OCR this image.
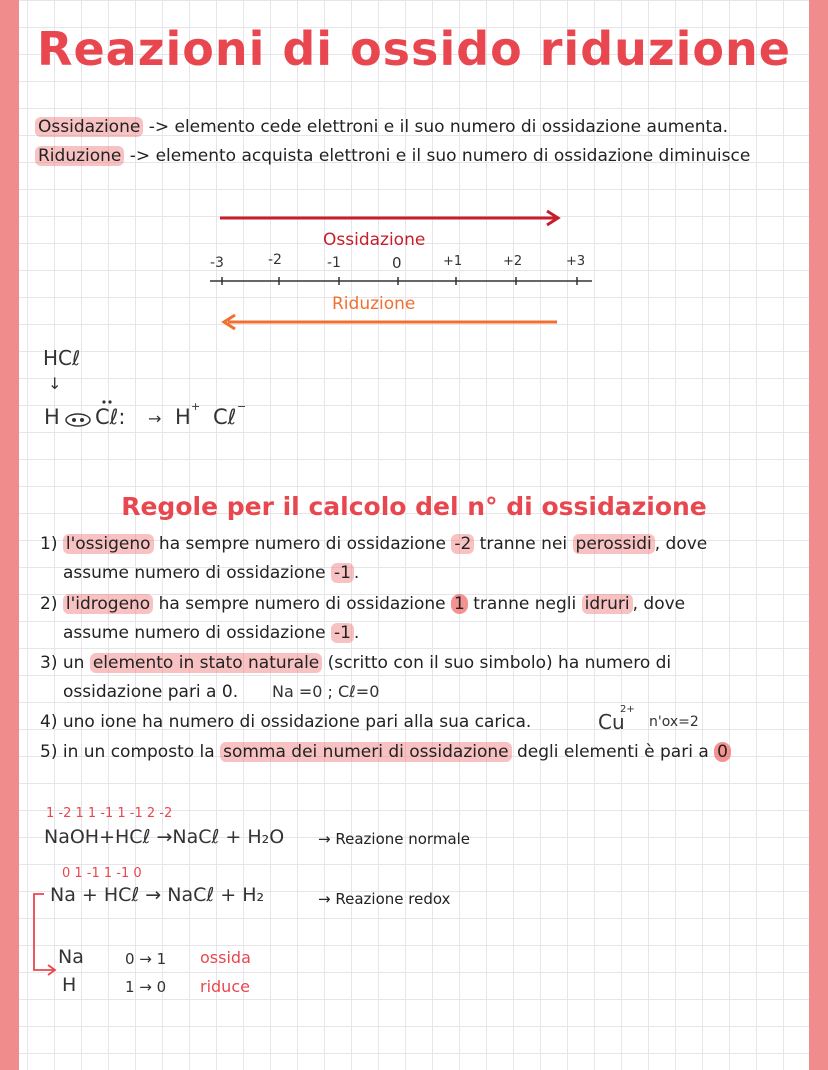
Reazioni di ossido riduzione
Ossidazione -> elemento cede elettroni e il suo numero di ossidazione aumenta.
Riduzione -> elemento acquista elettroni e il suo numero di ossidazione diminuisce
Ossidazione
Riduzione
-3	-2	-1	0	+1	+2	+3
HCℓ
↓
H Cℓ: → H + Cℓ −
Regole per il calcolo del n° di ossidazione
1) l'ossigeno ha sempre numero di ossidazione -2 tranne nei perossidi , dove
assume numero di ossidazione -1 .
2) l'idrogeno ha sempre numero di ossidazione 1 tranne negli idruri , dove
assume numero di ossidazione -1 .
3) un elemento in stato naturale (scritto con il suo simbolo) ha numero di
ossidazione pari a 0. Na =0 ; Cℓ=0
4) uno ione ha numero di ossidazione pari alla sua carica.	Cu
2+
n'ox=2
5) in un composto la somma dei numeri di ossidazione degli elementi è pari a 0
1 -2 1 1 -1 1 -1 2 -2
NaOH+HCℓ →NaCℓ + H₂O → Reazione normale
0 1 -1 1 -1 0
Na + HCℓ → NaCℓ + H₂	→ Reazione redox
Na	0 → 1 ossida
H	1 → 0 riduce
